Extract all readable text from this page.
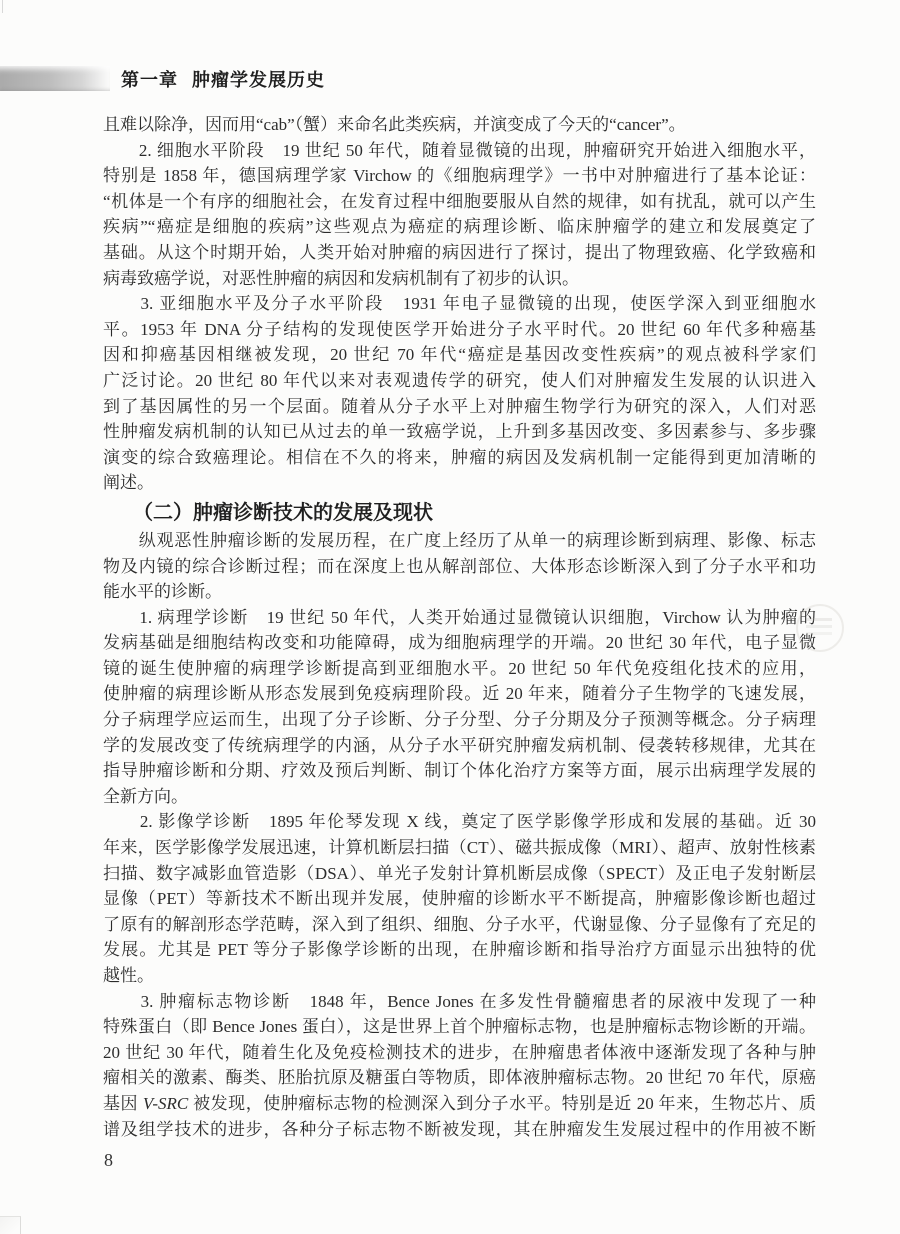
第一章 肿瘤学发展历史
且难以除净，因而用“cab”（蟹）来命名此类疾病，并演变成了今天的“cancer”。
　　2. 细胞水平阶段　19 世纪 50 年代，随着显微镜的出现，肿瘤研究开始进入细胞水平，
特别是 1858 年，德国病理学家 Virchow 的《细胞病理学》一书中对肿瘤进行了基本论证：
“机体是一个有序的细胞社会，在发育过程中细胞要服从自然的规律，如有扰乱，就可以产生
疾病”“癌症是细胞的疾病”这些观点为癌症的病理诊断、临床肿瘤学的建立和发展奠定了
基础。从这个时期开始，人类开始对肿瘤的病因进行了探讨，提出了物理致癌、化学致癌和
病毒致癌学说，对恶性肿瘤的病因和发病机制有了初步的认识。
　　3. 亚细胞水平及分子水平阶段　1931 年电子显微镜的出现，使医学深入到亚细胞水
平。1953 年 DNA 分子结构的发现使医学开始进分子水平时代。20 世纪 60 年代多种癌基
因和抑癌基因相继被发现，20 世纪 70 年代“癌症是基因改变性疾病”的观点被科学家们
广泛讨论。20 世纪 80 年代以来对表观遗传学的研究，使人们对肿瘤发生发展的认识进入
到了基因属性的另一个层面。随着从分子水平上对肿瘤生物学行为研究的深入，人们对恶
性肿瘤发病机制的认知已从过去的单一致癌学说，上升到多基因改变、多因素参与、多步骤
演变的综合致癌理论。相信在不久的将来，肿瘤的病因及发病机制一定能得到更加清晰的
阐述。
　　（二）肿瘤诊断技术的发展及现状
　　纵观恶性肿瘤诊断的发展历程，在广度上经历了从单一的病理诊断到病理、影像、标志
物及内镜的综合诊断过程；而在深度上也从解剖部位、大体形态诊断深入到了分子水平和功
能水平的诊断。
　　1. 病理学诊断　19 世纪 50 年代，人类开始通过显微镜认识细胞，Virchow 认为肿瘤的
发病基础是细胞结构改变和功能障碍，成为细胞病理学的开端。20 世纪 30 年代，电子显微
镜的诞生使肿瘤的病理学诊断提高到亚细胞水平。20 世纪 50 年代免疫组化技术的应用，
使肿瘤的病理诊断从形态发展到免疫病理阶段。近 20 年来，随着分子生物学的飞速发展，
分子病理学应运而生，出现了分子诊断、分子分型、分子分期及分子预测等概念。分子病理
学的发展改变了传统病理学的内涵，从分子水平研究肿瘤发病机制、侵袭转移规律，尤其在
指导肿瘤诊断和分期、疗效及预后判断、制订个体化治疗方案等方面，展示出病理学发展的
全新方向。
　　2. 影像学诊断　1895 年伦琴发现 X 线，奠定了医学影像学形成和发展的基础。近 30
年来，医学影像学发展迅速，计算机断层扫描（CT）、磁共振成像（MRI）、超声、放射性核素
扫描、数字减影血管造影（DSA）、单光子发射计算机断层成像（SPECT）及正电子发射断层
显像（PET）等新技术不断出现并发展，使肿瘤的诊断水平不断提高，肿瘤影像诊断也超过
了原有的解剖形态学范畴，深入到了组织、细胞、分子水平，代谢显像、分子显像有了充足的
发展。尤其是 PET 等分子影像学诊断的出现，在肿瘤诊断和指导治疗方面显示出独特的优
越性。
　　3. 肿瘤标志物诊断　1848 年，Bence Jones 在多发性骨髓瘤患者的尿液中发现了一种
特殊蛋白（即 Bence Jones 蛋白），这是世界上首个肿瘤标志物，也是肿瘤标志物诊断的开端。
20 世纪 30 年代，随着生化及免疫检测技术的进步，在肿瘤患者体液中逐渐发现了各种与肿
瘤相关的激素、酶类、胚胎抗原及糖蛋白等物质，即体液肿瘤标志物。20 世纪 70 年代，原癌
基因 V-SRC 被发现，使肿瘤标志物的检测深入到分子水平。特别是近 20 年来，生物芯片、质
谱及组学技术的进步，各种分子标志物不断被发现，其在肿瘤发生发展过程中的作用被不断
8
